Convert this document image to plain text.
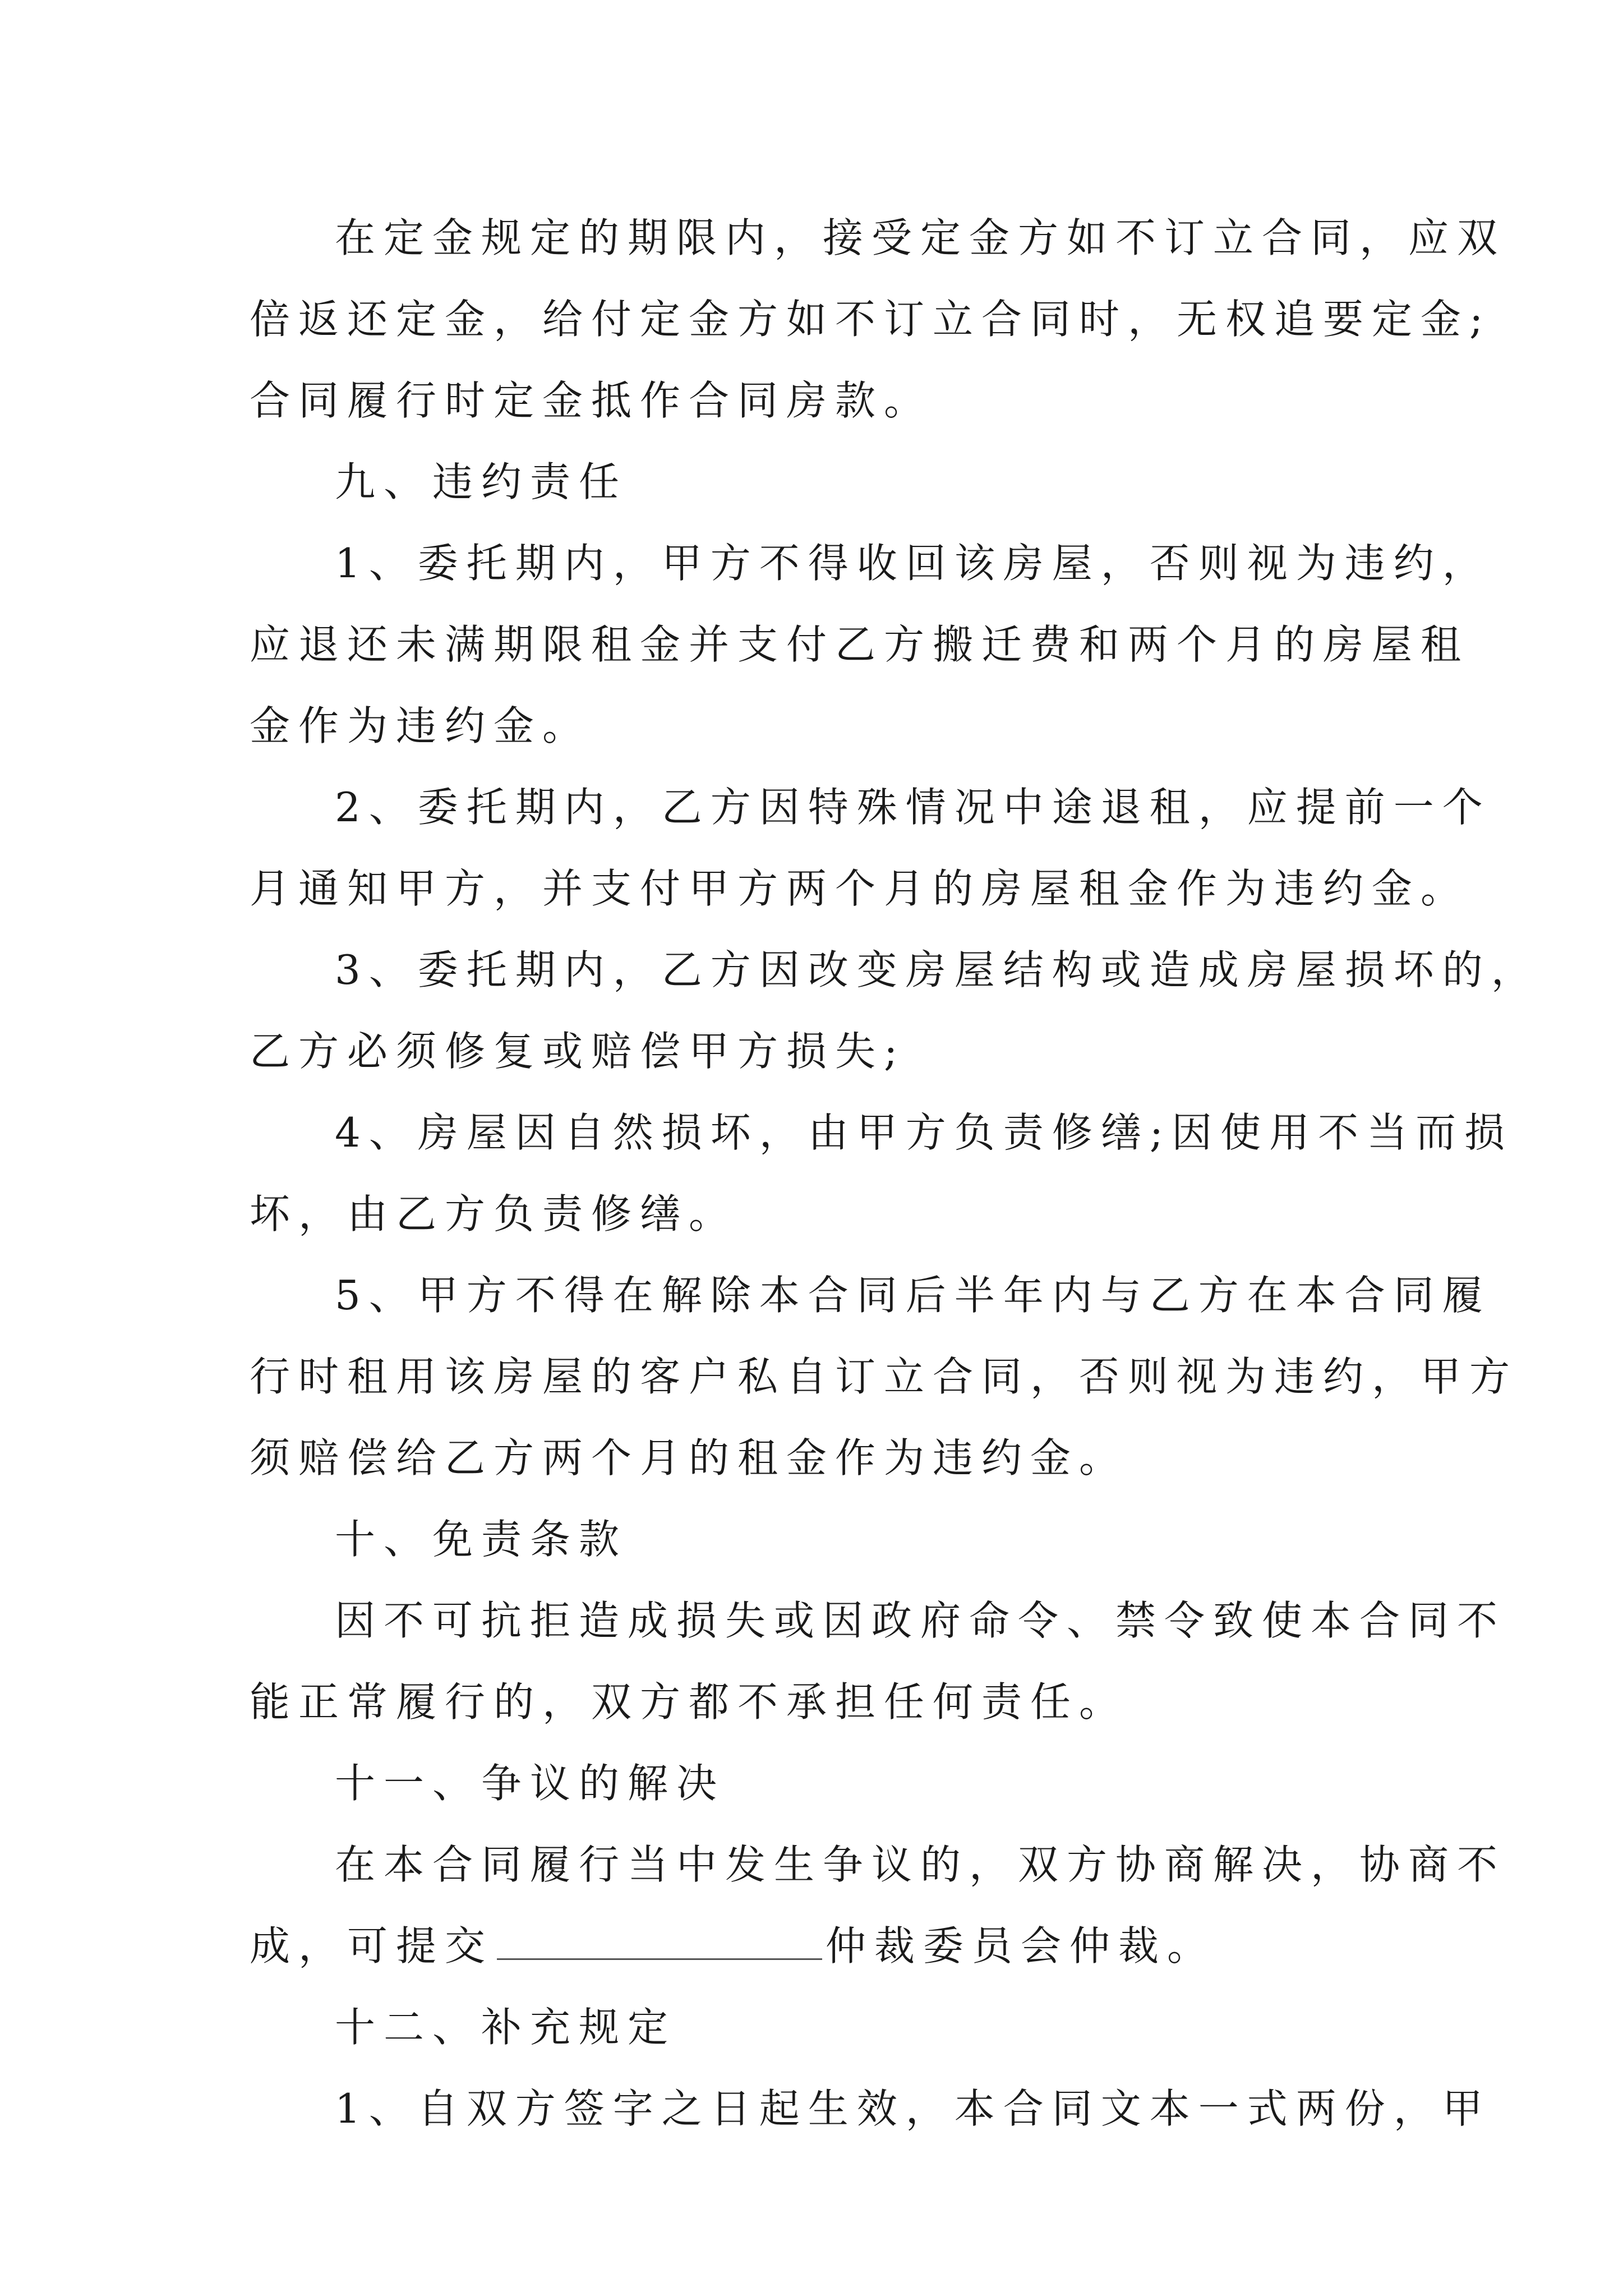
在定金规定的期限内，接受定金方如不订立合同，应双
倍返还定金，给付定金方如不订立合同时，无权追要定金;
合同履行时定金抵作合同房款。
九、违约责任
1、委托期内，甲方不得收回该房屋，否则视为违约，
应退还未满期限租金并支付乙方搬迁费和两个月的房屋租
金作为违约金。
2、委托期内，乙方因特殊情况中途退租，应提前一个
月通知甲方，并支付甲方两个月的房屋租金作为违约金。
3、委托期内，乙方因改变房屋结构或造成房屋损坏的，
乙方必须修复或赔偿甲方损失;
4、房屋因自然损坏，由甲方负责修缮;因使用不当而损
坏，由乙方负责修缮。
5、甲方不得在解除本合同后半年内与乙方在本合同履
行时租用该房屋的客户私自订立合同，否则视为违约，甲方
须赔偿给乙方两个月的租金作为违约金。
十、免责条款
因不可抗拒造成损失或因政府命令、禁令致使本合同不
能正常履行的，双方都不承担任何责任。
十一、争议的解决
在本合同履行当中发生争议的，双方协商解决，协商不
成，可提交	仲裁委员会仲裁。
十二、补充规定
1、自双方签字之日起生效，本合同文本一式两份，甲
